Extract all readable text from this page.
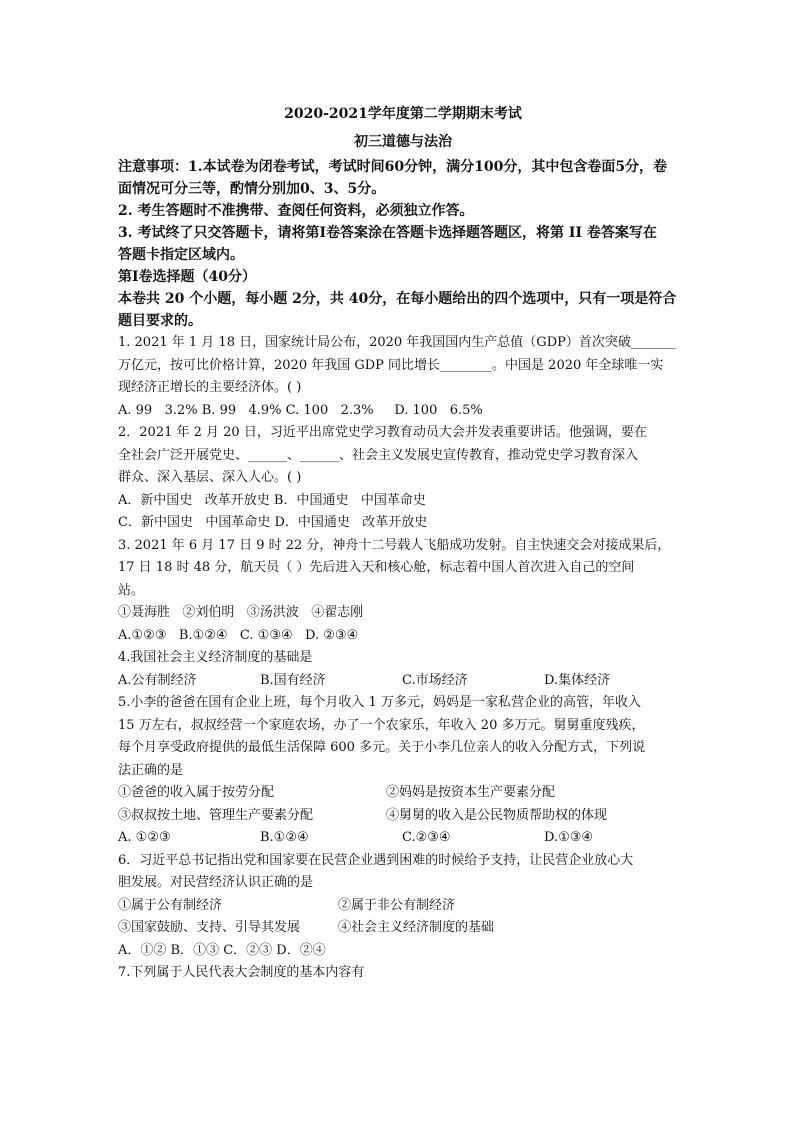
2020-2021学年度第二学期期末考试

初三道德与法治

注意事项：1.本试卷为闭卷考试，考试时间60分钟，满分100分，其中包含卷面5分，卷

面情况可分三等，酌情分别加0、3、5分。

2. 考生答题时不准携带、查阅任何资料，必须独立作答。

3. 考试终了只交答题卡，请将第Ⅰ卷答案涂在答题卡选择题答题区，将第 II 卷答案写在

答题卡指定区域内。

第Ⅰ卷选择题（40分）

本卷共 20 个小题，每小题 2分，共 40分，在每小题给出的四个选项中，只有一项是符合

题目要求的。

1. 2021 年 1 月 18 日，国家统计局公布，2020 年我国国内生产总值（GDP）首次突破_______

万亿元，按可比价格计算，2020 年我国 GDP 同比增长________。中国是 2020 年全球唯一实

现经济正增长的主要经济体。( )

A. 99   3.2% B. 99   4.9% C. 100   2.3%     D. 100   6.5%

2．2021 年 2 月 20 日，习近平出席党史学习教育动员大会并发表重要讲话。他强调，要在

全社会广泛开展党史、______、______、社会主义发展史宣传教育，推动党史学习教育深入

群众、深入基层、深入人心。( )

A．新中国史   改革开放史 B．中国通史   中国革命史

C．新中国史   中国革命史 D．中国通史   改革开放史

3. 2021 年 6 月 17 日 9 时 22 分，神舟十二号载人飞船成功发射。自主快速交会对接成果后，

17 日 18 时 48 分，航天员（ ）先后进入天和核心舱，标志着中国人首次进入自己的空间

站。

①聂海胜   ②刘伯明   ③汤洪波   ④翟志刚

A.①②③   B.①②④   C. ①③④   D. ②③④

4.我国社会主义经济制度的基础是

A.公有制经济	B.国有经济	C.市场经济	D.集体经济

5.小李的爸爸在国有企业上班，每个月收入 1 万多元，妈妈是一家私营企业的高管，年收入

15 万左右，叔叔经营一个家庭农场，办了一个农家乐，年收入 20 多万元。舅舅重度残疾，

每个月享受政府提供的最低生活保障 600 多元。关于小李几位亲人的收入分配方式，下列说

法正确的是

①爸爸的收入属于按劳分配	②妈妈是按资本生产要素分配
③叔叔按土地、管理生产要素分配	④舅舅的收入是公民物质帮助权的体现
A. ①②③	B.①②④	C.②③④	D.①③④

6．习近平总书记指出党和国家要在民营企业遇到困难的时候给予支持，让民营企业放心大

胆发展。对民营经济认识正确的是

①属于公有制经济	②属于非公有制经济
③国家鼓励、支持、引导其发展	④社会主义经济制度的基础

A．①② B．①③ C．②③ D．②④

7.下列属于人民代表大会制度的基本内容有
